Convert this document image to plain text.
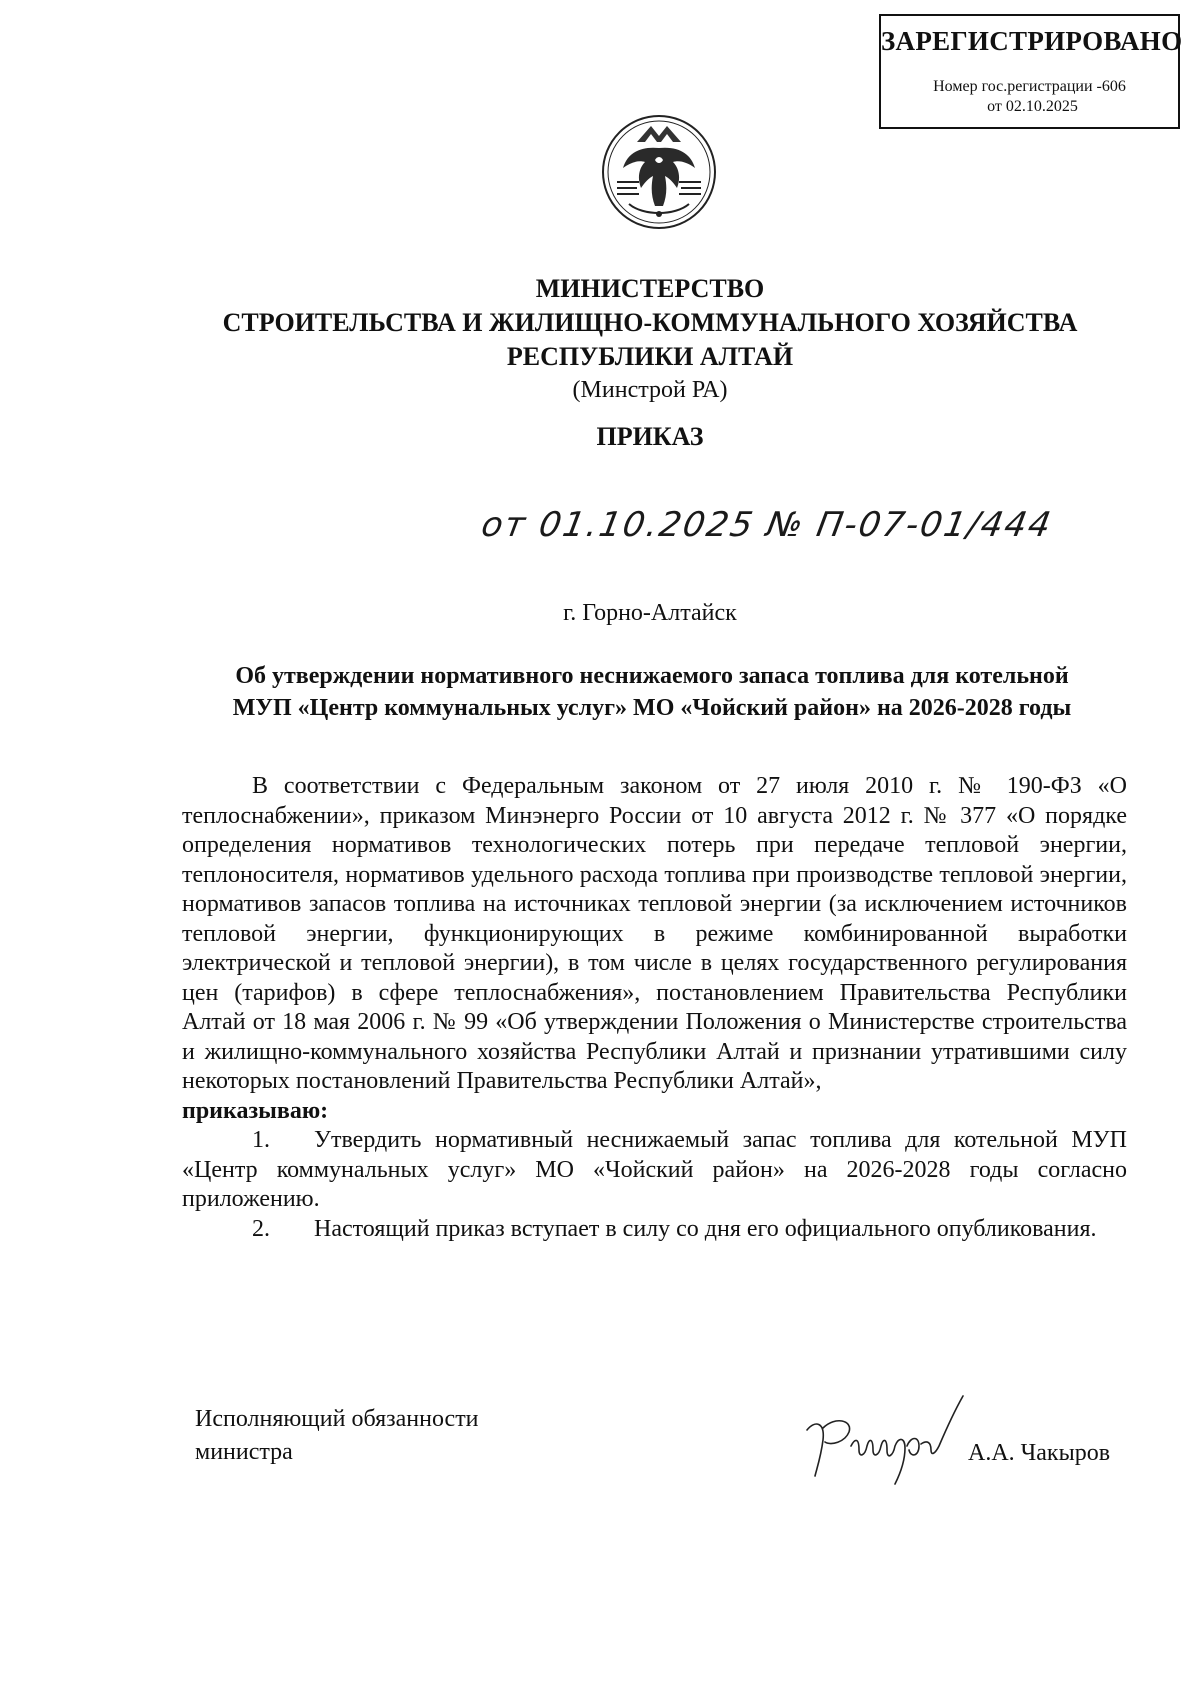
ЗАРЕГИСТРИРОВАНО
Номер гос.регистрации -606
от 02.10.2025
МИНИСТЕРСТВО
СТРОИТЕЛЬСТВА И ЖИЛИЩНО-КОММУНАЛЬНОГО ХОЗЯЙСТВА
РЕСПУБЛИКИ АЛТАЙ
(Минстрой РА)
ПРИКАЗ
от 01.10.2025 № П-07-01/444
г. Горно-Алтайск
Об утверждении нормативного неснижаемого запаса топлива для котельной
МУП «Центр коммунальных услуг» МО «Чойский район» на 2026-2028 годы

В соответствии с Федеральным законом от 27 июля 2010 г. № 190-ФЗ «О теплоснабжении», приказом Минэнерго России от 10 августа 2012 г. № 377 «О порядке определения нормативов технологических потерь при передаче тепловой энергии, теплоносителя, нормативов удельного расхода топлива при производстве тепловой энергии, нормативов запасов топлива на источниках тепловой энергии (за исключением источников тепловой энергии, функционирующих в режиме комбинированной выработки электрической и тепловой энергии), в том числе в целях государственного регулирования цен (тарифов) в сфере теплоснабжения», постановлением Правительства Республики Алтай от 18 мая 2006 г. № 99 «Об утверждении Положения о Министерстве строительства и жилищно-коммунального хозяйства Республики Алтай и признании утратившими силу некоторых постановлений Правительства Республики Алтай»,

приказываю:

1. Утвердить нормативный неснижаемый запас топлива для котельной МУП «Центр коммунальных услуг» МО «Чойский район» на 2026-2028 годы согласно приложению.

2. Настоящий приказ вступает в силу со дня его официального опубликования.

Исполняющий обязанности
министра	А.А. Чакыров
